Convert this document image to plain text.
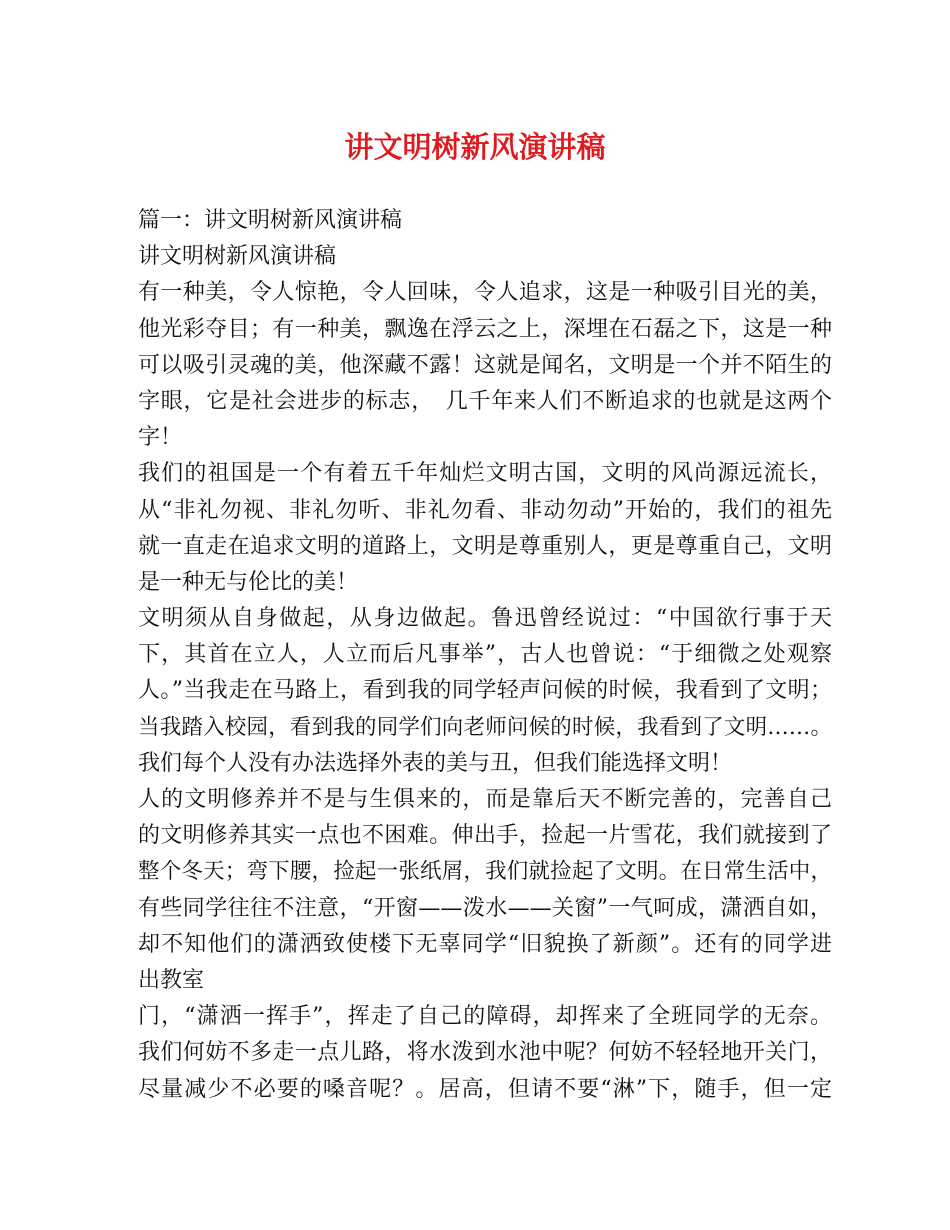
讲文明树新风演讲稿
篇一：讲文明树新风演讲稿
讲文明树新风演讲稿
有一种美，令人惊艳，令人回味，令人追求，这是一种吸引目光的美，
他光彩夺目；有一种美，飘逸在浮云之上，深埋在石磊之下，这是一种
可以吸引灵魂的美，他深藏不露！这就是闻名，文明是一个并不陌生的
字眼，它是社会进步的标志，　几千年来人们不断追求的也就是这两个
字！
我们的祖国是一个有着五千年灿烂文明古国，文明的风尚源远流长，
从“非礼勿视、非礼勿听、非礼勿看、非动勿动”开始的，我们的祖先
就一直走在追求文明的道路上，文明是尊重别人，更是尊重自己，文明
是一种无与伦比的美！
文明须从自身做起，从身边做起。鲁迅曾经说过：“中国欲行事于天
下，其首在立人，人立而后凡事举”，古人也曾说：“于细微之处观察
人。”当我走在马路上，看到我的同学轻声问候的时候，我看到了文明；
当我踏入校园，看到我的同学们向老师问候的时候，我看到了文明……。
我们每个人没有办法选择外表的美与丑，但我们能选择文明！
人的文明修养并不是与生俱来的，而是靠后天不断完善的，完善自己
的文明修养其实一点也不困难。伸出手，捡起一片雪花，我们就接到了
整个冬天；弯下腰，捡起一张纸屑，我们就捡起了文明。在日常生活中，
有些同学往往不注意，“开窗——泼水——关窗”一气呵成，潇洒自如，
却不知他们的潇洒致使楼下无辜同学“旧貌换了新颜”。还有的同学进
出教室
门，“潇洒一挥手”，挥走了自己的障碍，却挥来了全班同学的无奈。
我们何妨不多走一点儿路，将水泼到水池中呢？何妨不轻轻地开关门，
尽量减少不必要的嗓音呢？。居高，但请不要“淋”下，随手，但一定
